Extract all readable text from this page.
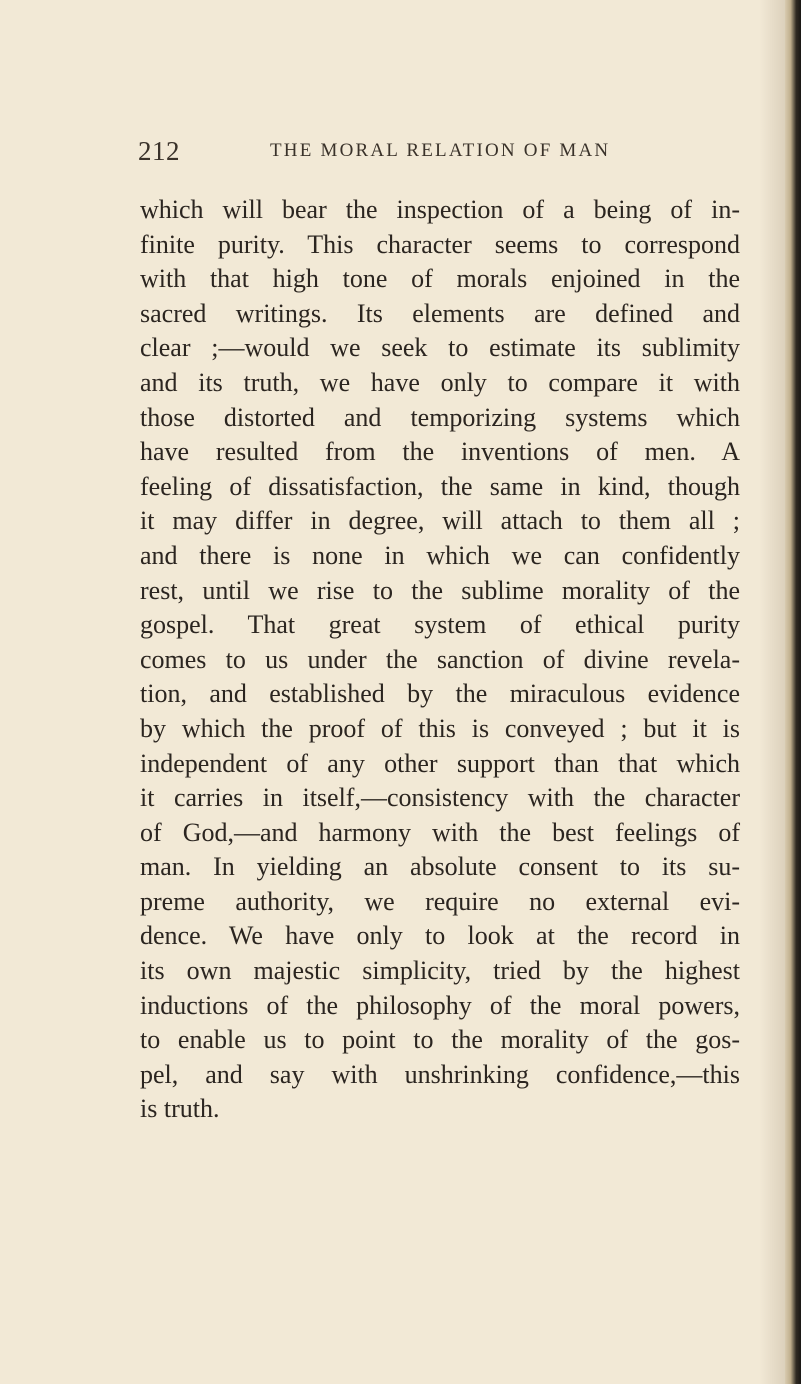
212	THE MORAL RELATION OF MAN
which will bear the inspection of a being of in-
finite purity. This character seems to correspond
with that high tone of morals enjoined in the
sacred writings. Its elements are defined and
clear ;—would we seek to estimate its sublimity
and its truth, we have only to compare it with
those distorted and temporizing systems which
have resulted from the inventions of men. A
feeling of dissatisfaction, the same in kind, though
it may differ in degree, will attach to them all ;
and there is none in which we can confidently
rest, until we rise to the sublime morality of the
gospel. That great system of ethical purity
comes to us under the sanction of divine revela-
tion, and established by the miraculous evidence
by which the proof of this is conveyed ; but it is
independent of any other support than that which
it carries in itself,—consistency with the character
of God,—and harmony with the best feelings of
man. In yielding an absolute consent to its su-
preme authority, we require no external evi-
dence. We have only to look at the record in
its own majestic simplicity, tried by the highest
inductions of the philosophy of the moral powers,
to enable us to point to the morality of the gos-
pel, and say with unshrinking confidence,—this
is truth.
